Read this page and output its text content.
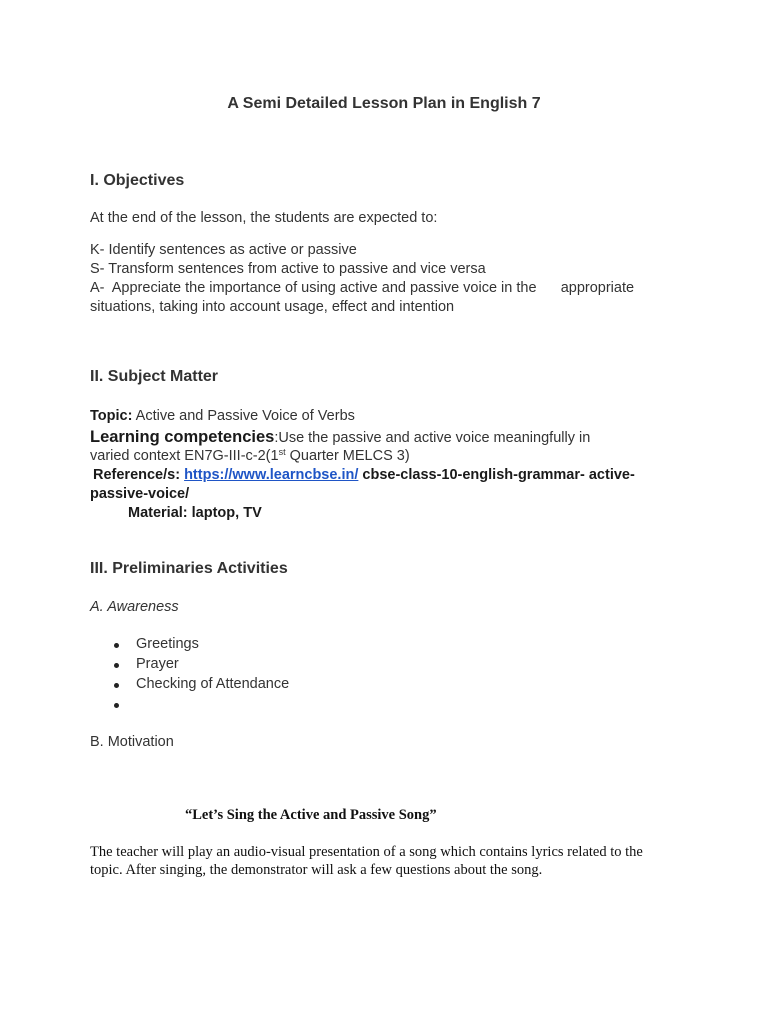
A Semi Detailed Lesson Plan in English 7
I. Objectives

At the end of the lesson, the students are expected to:

K- Identify sentences as active or passive

S- Transform sentences from active to passive and vice versa

A-  Appreciate the importance of using active and passive voice in the      appropriate

situations, taking into account usage, effect and intention

II. Subject Matter

Topic: Active and Passive Voice of Verbs

Learning competencies:Use the passive and active voice meaningfully in

varied context EN7G-III-c-2(1st Quarter MELCS 3)

Reference/s: https://www.learncbse.in/ cbse-class-10-english-grammar- active-

passive-voice/

Material: laptop, TV

III. Preliminaries Activities

A. Awareness

Greetings
Prayer
Checking of Attendance

B. Motivation

“Let’s Sing the Active and Passive Song”

The teacher will play an audio-visual presentation of a song which contains lyrics related to the

topic. After singing, the demonstrator will ask a few questions about the song.
